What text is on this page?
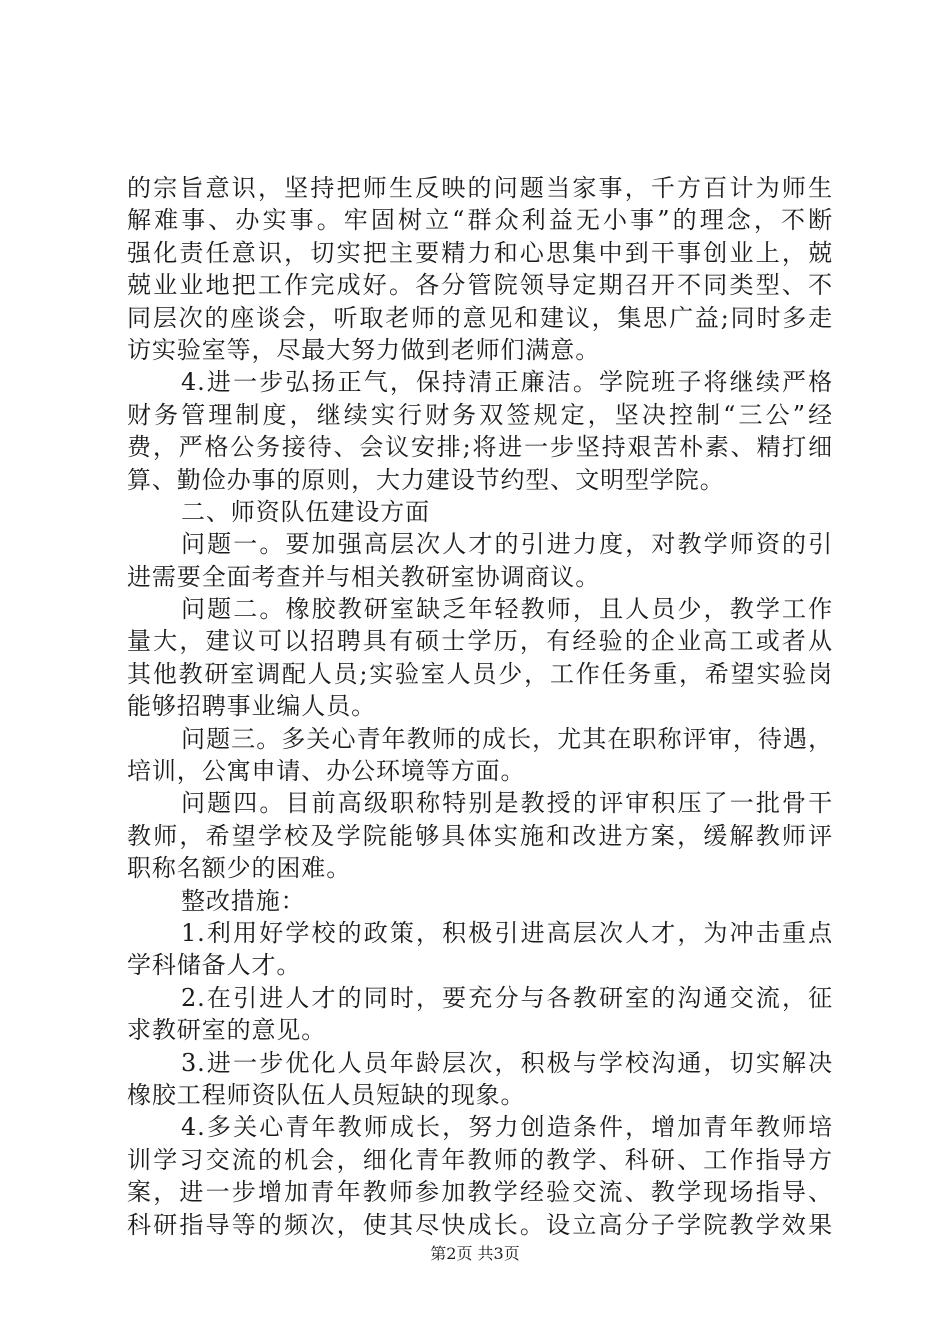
的宗旨意识，坚持把师生反映的问题当家事，千方百计为师生
解难事、办实事。牢固树立“群众利益无小事”的理念，不断
强化责任意识，切实把主要精力和心思集中到干事创业上，兢
兢业业地把工作完成好。各分管院领导定期召开不同类型、不
同层次的座谈会，听取老师的意见和建议，集思广益;同时多走
访实验室等，尽最大努力做到老师们满意。
4.进一步弘扬正气，保持清正廉洁。学院班子将继续严格
财务管理制度，继续实行财务双签规定，坚决控制“三公”经
费，严格公务接待、会议安排;将进一步坚持艰苦朴素、精打细
算、勤俭办事的原则，大力建设节约型、文明型学院。
二、师资队伍建设方面
问题一。要加强高层次人才的引进力度，对教学师资的引
进需要全面考查并与相关教研室协调商议。
问题二。橡胶教研室缺乏年轻教师，且人员少，教学工作
量大，建议可以招聘具有硕士学历，有经验的企业高工或者从
其他教研室调配人员;实验室人员少，工作任务重，希望实验岗
能够招聘事业编人员。
问题三。多关心青年教师的成长，尤其在职称评审，待遇，
培训，公寓申请、办公环境等方面。
问题四。目前高级职称特别是教授的评审积压了一批骨干
教师，希望学校及学院能够具体实施和改进方案，缓解教师评
职称名额少的困难。
整改措施：
1.利用好学校的政策，积极引进高层次人才，为冲击重点
学科储备人才。
2.在引进人才的同时，要充分与各教研室的沟通交流，征
求教研室的意见。
3.进一步优化人员年龄层次，积极与学校沟通，切实解决
橡胶工程师资队伍人员短缺的现象。
4.多关心青年教师成长，努力创造条件，增加青年教师培
训学习交流的机会，细化青年教师的教学、科研、工作指导方
案，进一步增加青年教师参加教学经验交流、教学现场指导、
科研指导等的频次，使其尽快成长。设立高分子学院教学效果
第2页 共3页
